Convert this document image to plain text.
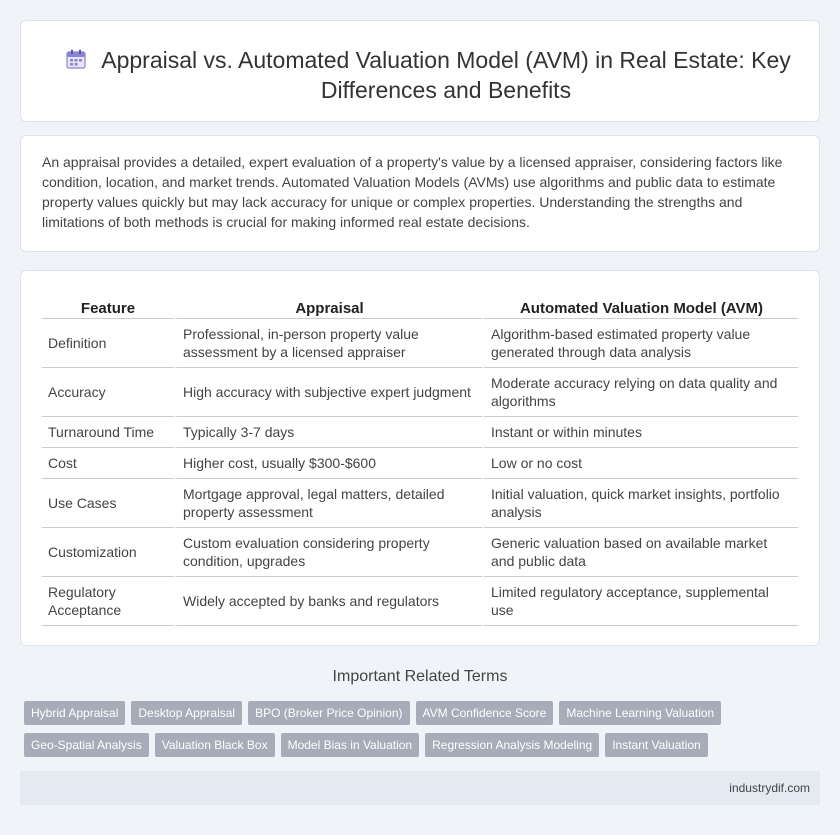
Appraisal vs. Automated Valuation Model (AVM) in Real Estate: Key Differences and Benefits

An appraisal provides a detailed, expert evaluation of a property's value by a licensed appraiser, considering factors like condition, location, and market trends. Automated Valuation Models (AVMs) use algorithms and public data to estimate property values quickly but may lack accuracy for unique or complex properties. Understanding the strengths and limitations of both methods is crucial for making informed real estate decisions.

Feature	Appraisal	Automated Valuation Model (AVM)
Definition	Professional, in-person property value assessment by a licensed appraiser	Algorithm-based estimated property value generated through data analysis
Accuracy	High accuracy with subjective expert judgment	Moderate accuracy relying on data quality and algorithms
Turnaround Time	Typically 3-7 days	Instant or within minutes
Cost	Higher cost, usually $300-$600	Low or no cost
Use Cases	Mortgage approval, legal matters, detailed property assessment	Initial valuation, quick market insights, portfolio analysis
Customization	Custom evaluation considering property condition, upgrades	Generic valuation based on available market and public data
Regulatory Acceptance	Widely accepted by banks and regulators	Limited regulatory acceptance, supplemental use
Important Related Terms
Hybrid Appraisal Desktop Appraisal BPO (Broker Price Opinion) AVM Confidence Score Machine Learning Valuation
Geo-Spatial Analysis Valuation Black Box Model Bias in Valuation Regression Analysis Modeling Instant Valuation
industrydif.com
